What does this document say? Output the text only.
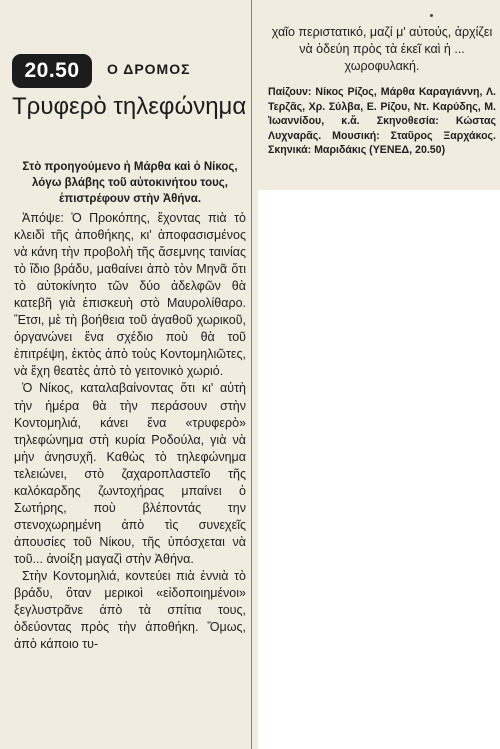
20.50	Ο ΔΡΟΜΟΣ
Τρυφερὸ τηλεφώνημα
Στὸ προηγούμενο ἡ Μάρθα καὶ ὁ Νίκος, λόγω βλάβης τοῦ αὐτοκινήτου τους, ἐπιστρέφουν στὴν Ἀθήνα.

Ἀπόψε: Ὁ Προκόπης, ἔχοντας πιὰ τὸ κλειδὶ τῆς ἀποθήκης, κι' ἀποφασισμένος νὰ κάνη τὴν προβολὴ τῆς ἄσεμνης ταινίας τὸ ἴδιο βράδυ, μαθαίνει ἀπὸ τὸν Μηνᾶ ὅτι τὸ αὐτοκίνητο τῶν δύο ἀδελφῶν θὰ κατεβῆ γιὰ ἐπισκευὴ στὸ Μαυρολίθαρο. Ἔτσι, μὲ τὴ βοήθεια τοῦ ἀγαθοῦ χωρικοῦ, ὀργανώνει ἕνα σχέδιο ποὺ θὰ τοῦ ἐπιτρέψη, ἐκτὸς ἀπὸ τοὺς Κοντομηλιῶτες, νὰ ἔχη θεατὲς ἀπὸ τὸ γειτονικὸ χωριό.

Ὁ Νίκος, καταλαβαίνοντας ὅτι κι' αὐτὴ τὴν ἡμέρα θὰ τὴν περάσουν στὴν Κοντομηλιά, κάνει ἕνα «τρυφερὸ» τηλεφώνημα στὴ κυρία Ροδούλα, γιὰ νὰ μὴν ἀνησυχῆ. Καθὼς τὸ τηλεφώνημα τελειώνει, στὸ ζαχαροπλαστεῖο τῆς καλόκαρδης ζωντοχήρας μπαίνει ὁ Σωτήρης, ποὺ βλέποντάς την στενοχωρημένη ἀπὸ τὶς συνεχεῖς ἀπουσίες τοῦ Νίκου, τῆς ὑπόσχεται νὰ τοῦ... ἀνοίξη μαγαζὶ στὴν Ἀθήνα.

Στὴν Κοντομηλιά, κοντεύει πιὰ ἐννιὰ τὸ βράδυ, ὅταν μερικοὶ «εἰδοποιημένοι» ξεγλυστρᾶνε ἀπὸ τὰ σπίτια τους, ὁδεύοντας πρὸς τὴν ἀποθήκη. Ὅμως, ἀπὸ κάποιο τυ-

χαῖο περιστατικό, μαζί μ' αὐτούς, ἀρχίζει νὰ ὁδεύη πρὸς τὰ ἐκεῖ καὶ ἡ ... χωροφυλακή.

Παίζουν: Νίκος Ρίζος, Μάρθα Καραγιάννη, Λ. Τερζᾶς, Χρ. Σύλβα, Ε. Ρίζου, Ντ. Καρύδης, Μ. Ἰωαννίδου, κ.ἄ. Σκηνοθεσία: Κώστας Λυχναρᾶς. Μουσική: Σταῦρος Ξαρχάκος. Σκηνικά: Μαριδάκις (ΥΕΝΕΔ, 20.50)
